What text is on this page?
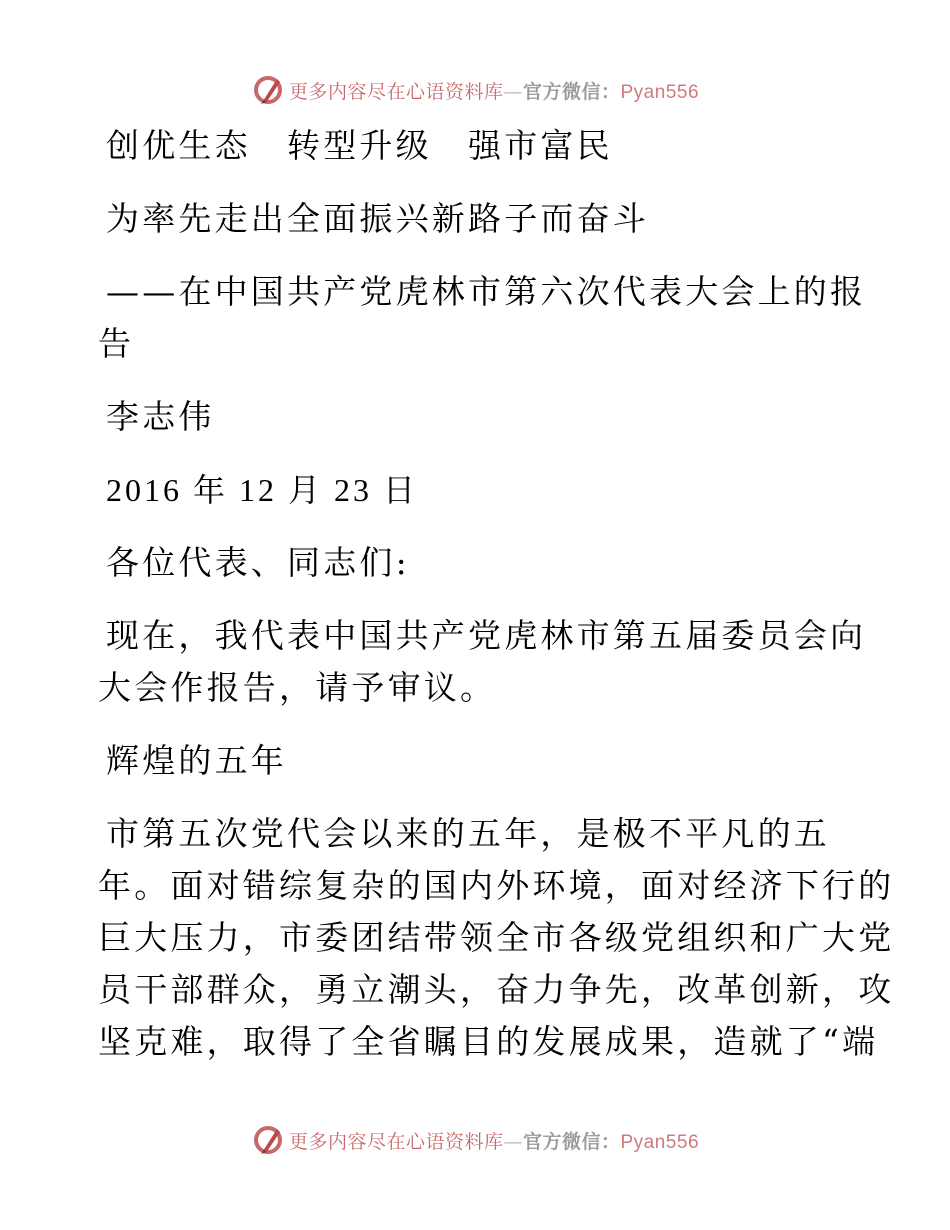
更多内容尽在心语资料库—官方微信：Pyan556
创优生态　转型升级　强市富民
为率先走出全面振兴新路子而奋斗
——在中国共产党虎林市第六次代表大会上的报
告
李志伟
2016 年 12 月 23 日
各位代表、同志们:
现在，我代表中国共产党虎林市第五届委员会向
大会作报告，请予审议。
辉煌的五年
市第五次党代会以来的五年，是极不平凡的五
年。面对错综复杂的国内外环境，面对经济下行的
巨大压力，市委团结带领全市各级党组织和广大党
员干部群众，勇立潮头，奋力争先，改革创新，攻
坚克难，取得了全省瞩目的发展成果，造就了“端
更多内容尽在心语资料库—官方微信：Pyan556
